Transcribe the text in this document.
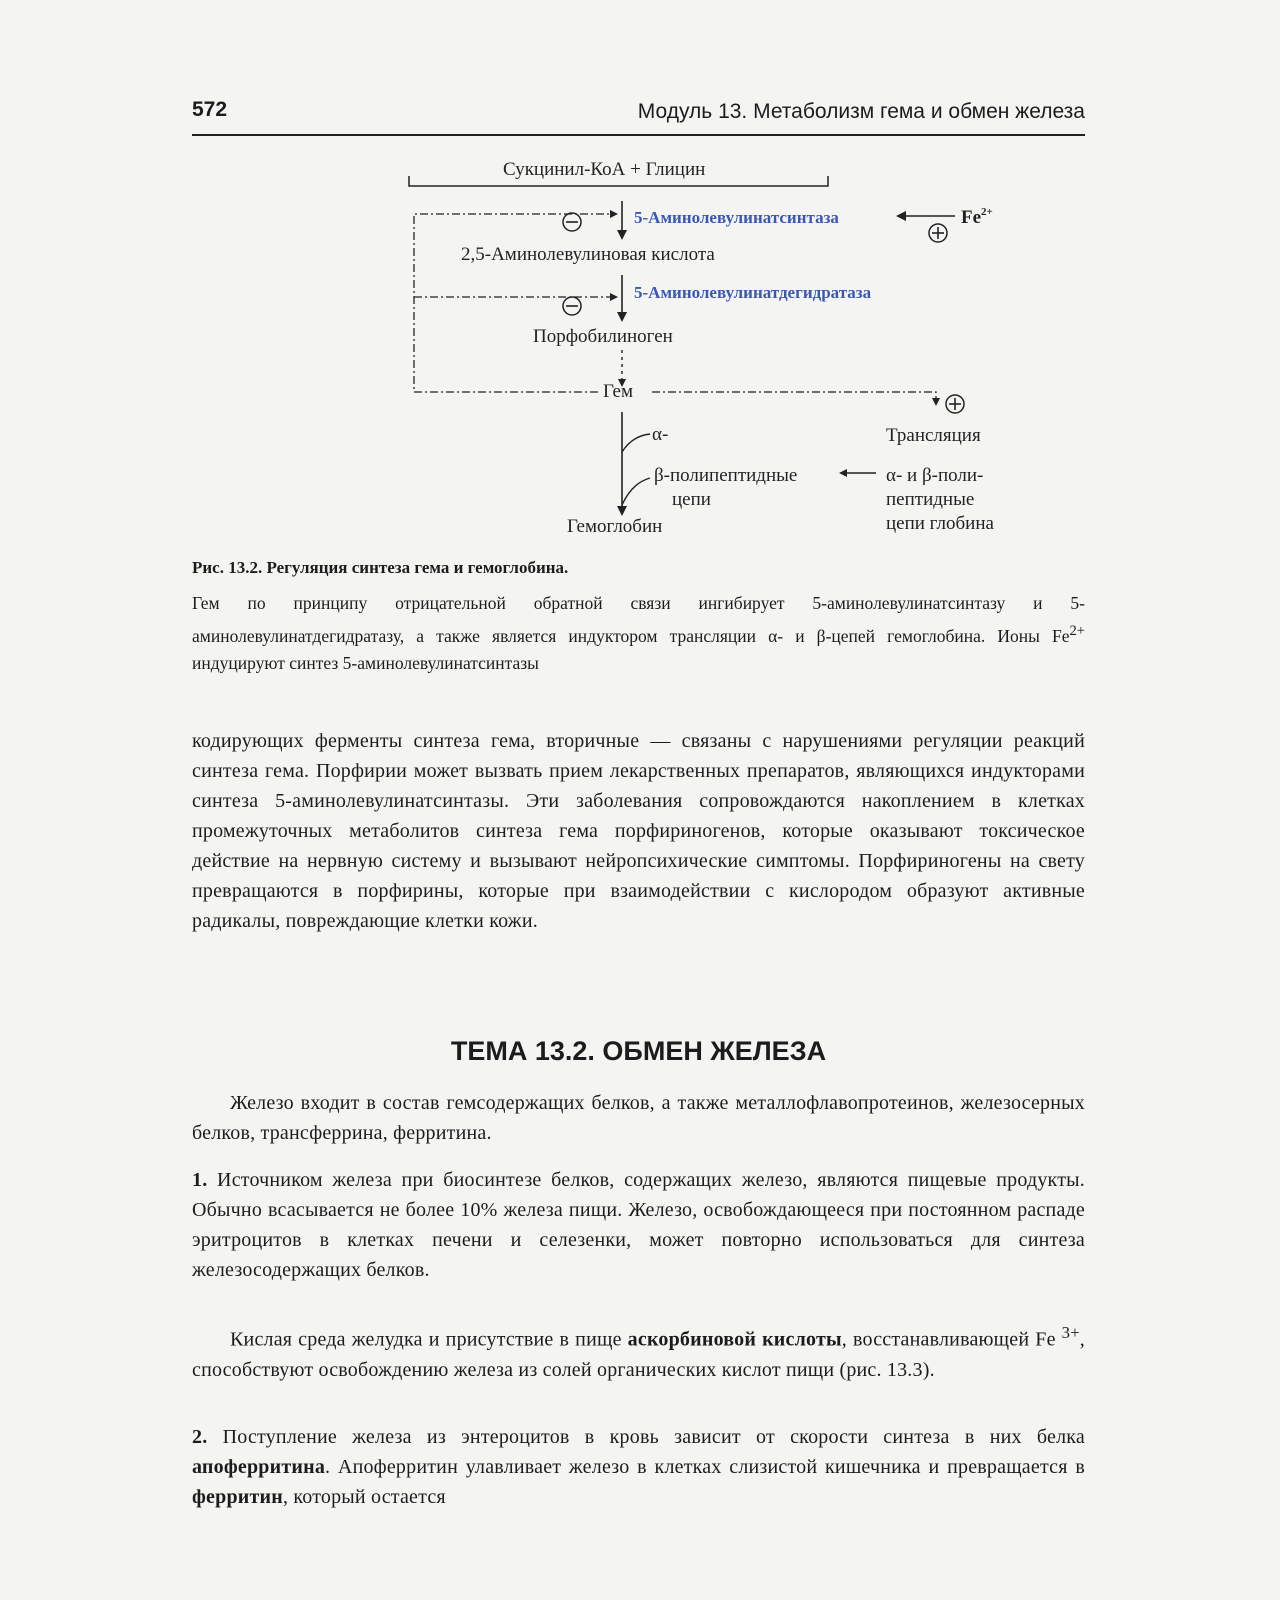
572	Модуль 13. Метаболизм гема и обмен железа
Сукцинил-КоА + Глицин
5-Аминолевулинатсинтаза	$Fe^{2+}$
2,5-Аминолевулиновая кислота
5-Аминолевулинатдегидратаза
Порфобилиноген
Гем
Трансляция
α-
β-полипептидные
цепи
α- и β-поли-
пептидные
цепи глобина
Гемоглобин
Рис. 13.2. Регуляция синтеза гема и гемоглобина.
Гем по принципу отрицательной обратной связи ингибирует 5-аминолевулинатсинтазу и 5-аминолевулинатдегидратазу, а также является индуктором трансляции α- и β-цепей гемоглобина. Ионы $Fe^{2+}$ индуцируют синтез 5-аминолевулинатсинтазы
кодирующих ферменты синтеза гема, вторичные — связаны с нарушениями регуляции реакций синтеза гема. Порфирии может вызвать прием лекарственных препаратов, являющихся индукторами синтеза 5-аминолевулинатсинтазы. Эти заболевания сопровождаются накоплением в клетках промежуточных метаболитов синтеза гема порфириногенов, которые оказывают токсическое действие на нервную систему и вызывают нейропсихические симптомы. Порфириногены на свету превращаются в порфирины, которые при взаимодействии с кислородом образуют активные радикалы, повреждающие клетки кожи.
ТЕМА 13.2. ОБМЕН ЖЕЛЕЗА
Железо входит в состав гемсодержащих белков, а также металлофлавопротеинов, железосерных белков, трансферрина, ферритина.
1. Источником железа при биосинтезе белков, содержащих железо, являются пищевые продукты. Обычно всасывается не более 10% железа пищи. Железо, освобождающееся при постоянном распаде эритроцитов в клетках печени и селезенки, может повторно использоваться для синтеза железосодержащих белков.
Кислая среда желудка и присутствие в пище аскорбиновой кислоты, восстанавливающей Fe $^{3+}$, способствуют освобождению железа из солей органических кислот пищи (рис. 13.3).
2. Поступление железа из энтероцитов в кровь зависит от скорости синтеза в них белка апоферритина. Апоферритин улавливает железо в клетках слизистой кишечника и превращается в ферритин, который остается
